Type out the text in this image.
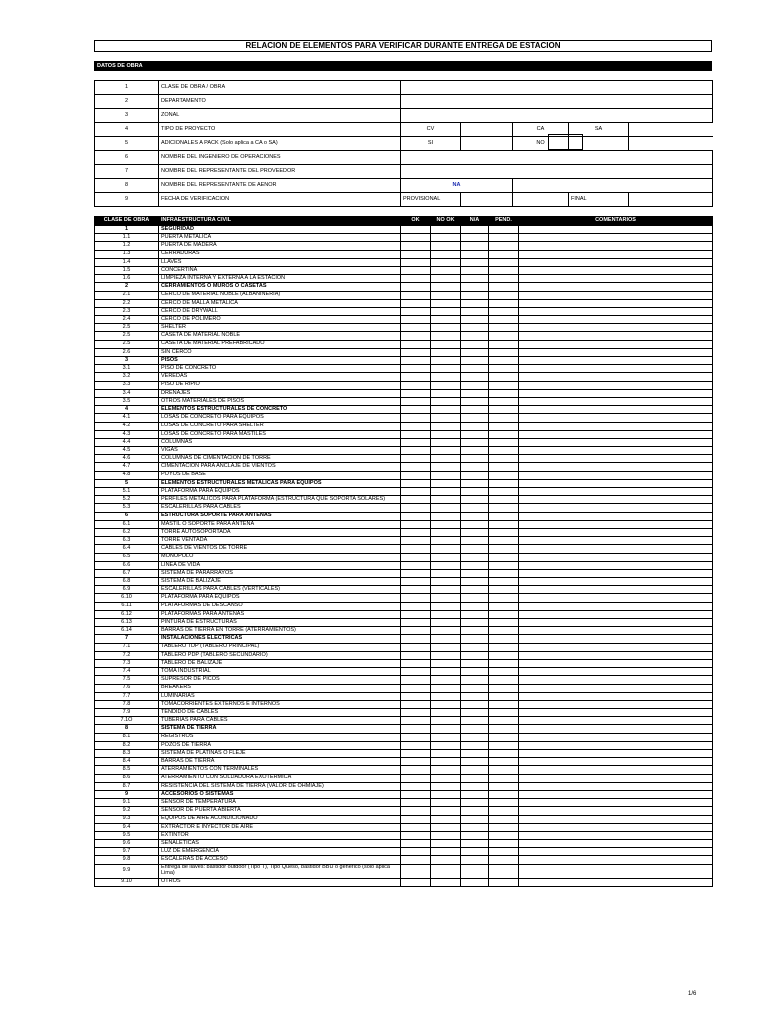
RELACION DE ELEMENTOS PARA VERIFICAR DURANTE ENTREGA DE ESTACION
DATOS DE OBRA
1	CLASE DE OBRA / OBRA					
2	DEPARTAMENTO					
3	ZONAL					
4	TIPO DE PROYECTO	CV		CA	SA	
5	ADICIONALES A PACK (Solo aplica a CA o SA)	SI		NO		
6	NOMBRE DEL INGENIERO DE OPERACIONES					
7	NOMBRE DEL REPRESENTANTE DEL PROVEEDOR					
8	NOMBRE DEL REPRESENTANTE DE AENOR	NA				
9	FECHA DE VERIFICACION	PROVISIONAL			FINAL	
CLASE DE OBRA	INFRAESTRUCTURA CIVIL	OK	NO OK	N/A	PEND.	COMENTARIOS
1	SEGURIDAD					
1.1	PUERTA METALICA					
1.2	PUERTA DE MADERA					
1.3	CERRADURAS					
1.4	LLAVES					
1.5	CONCERTINA					
1.6	LIMPIEZA INTERNA Y EXTERNA A LA ESTACION					
2	CERRAMIENTOS O MUROS O CASETAS					
2.1	CERCO DE MATERIAL NOBLE (ALBAÑINERIA)					
2.2	CERCO DE MALLA METALICA					
2.3	CERCO DE DRYWALL					
2.4	CERCO DE POLIMERO					
2.5	SHELTER					
2.5	CASETA DE MATERIAL NOBLE					
2.5	CASETA DE MATERIAL PREFABRICADO					
2.6	SIN CERCO					
3	PISOS					
3.1	PISO DE CONCRETO					
3.2	VEREDAS					
3.3	PISO DE RIPIO					
3.4	DRENAJES					
3.5	OTROS MATERIALES DE PISOS					
4	ELEMENTOS ESTRUCTURALES DE CONCRETO					
4.1	LOSAS DE CONCRETO PARA EQUIPOS					
4.2	LOSAS DE CONCRETO PARA SHELTER					
4.3	LOSAS DE CONCRETO PARA MASTILES					
4.4	COLUMNAS					
4.5	VIGAS					
4.6	COLUMNAS DE CIMENTACION DE TORRE					
4.7	CIMENTACION PARA ANCLAJE DE VIENTOS					
4.8	POYOS DE BASE					
5	ELEMENTOS ESTRUCTURALES METALICAS PARA EQUIPOS					
5.1	PLATAFORMA PARA EQUIPOS					
5.2	PERFILES METALICOS PARA PLATAFORMA (ESTRUCTURA QUE SOPORTA SOLARES)					
5.3	ESCALERILLAS PARA CABLES					
6	ESTRUCTURA SOPORTE PARA ANTENAS					
6.1	MASTIL O SOPORTE PARA ANTENA					
6.2	TORRE AUTOSOPORTADA					
6.3	TORRE VENTADA					
6.4	CABLES DE VIENTOS DE TORRE					
6.5	MONOPOLO					
6.6	LINEA DE VIDA					
6.7	SISTEMA DE PARARRAYOS					
6.8	SISTEMA DE BALIZAJE					
6.9	ESCALERILLAS PARA CABLES (VERTICALES)					
6.10	PLATAFORMA PARA EQUIPOS					
6.11	PLATAFORMAS DE DESCANSO					
6.12	PLATAFORMAS PARA ANTENAS					
6.13	PINTURA DE ESTRUCTURAS					
6.14	BARRAS DE TIERRA EN TORRE (ATERRAMIENTOS)					
7	INSTALACIONES ELECTRICAS					
7.1	TABLERO TDP (TABLERO PRINCIPAL)					
7.2	TABLERO PDP (TABLERO SECUNDARIO)					
7.3	TABLERO DE BALIZAJE					
7.4	TOMA INDUSTRIAL					
7.5	SUPRESOR DE PICOS					
7.6	BREAKERS					
7.7	LUMINARIAS					
7.8	TOMACORRIENTES EXTERNOS E INTERNOS					
7.9	TENDIDO DE CABLES					
7.1O	TUBERIAS PARA CABLES					
8	SISTEMA DE TIERRA					
8.1	REGISTROS					
8.2	POZOS DE TIERRA					
8.3	SISTEMA DE PLATINAS O FLEJE					
8.4	BARRAS DE TIERRA					
8.5	ATERRAMIENTOS CON TERMINALES					
8.6	ATERRAMIENTO CON SOLDADURA EXOTERMICA					
8.7	RESISTENCIA DEL SISTEMA DE TIERRA (VALOR DE OHMIAJE)					
9	ACCESORIOS O SISTEMAS					
9.1	SENSOR DE TEMPERATURA					
9.2	SENSOR DE PUERTA ABIERTA					
9.3	EQUIPOS DE AIRE ACONDICIONADO					
9.4	EXTRACTOR E INYECTOR DE AIRE					
9.5	EXTINTOR					
9.6	SEÑALETICAS					
9.7	LUZ DE EMERGENCIA					
9.8	ESCALERAS DE ACCESO					
9.9	Entrega de llaves: bastidor outdoor (Tipo T), Tipo Queso, bastidor BBU o genérico (solo aplica Lima)					
9.10	OTROS					
1/6
